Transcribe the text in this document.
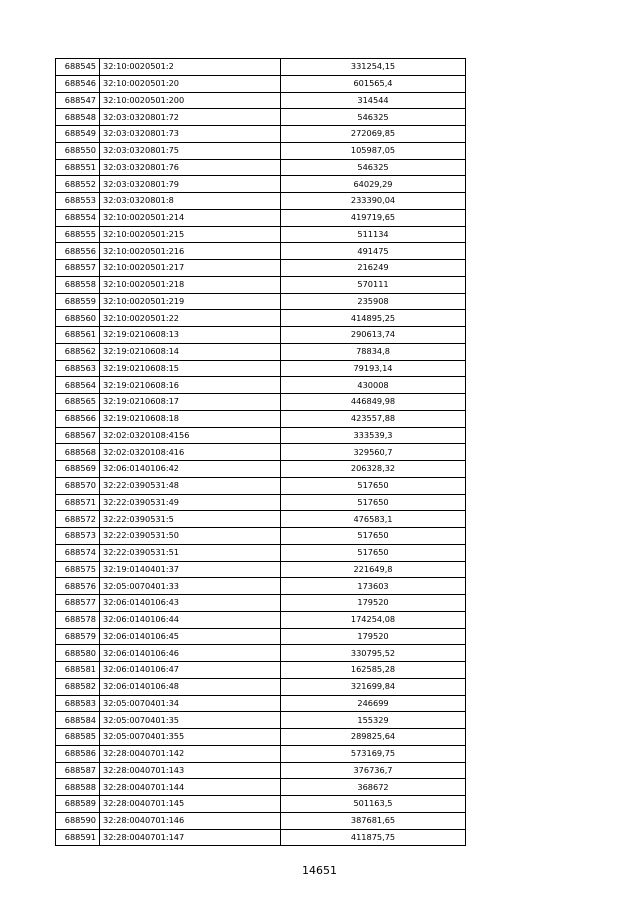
688545	32:10:0020501:2	331254,15
688546	32:10:0020501:20	601565,4
688547	32:10:0020501:200	314544
688548	32:03:0320801:72	546325
688549	32:03:0320801:73	272069,85
688550	32:03:0320801:75	105987,05
688551	32:03:0320801:76	546325
688552	32:03:0320801:79	64029,29
688553	32:03:0320801:8	233390,04
688554	32:10:0020501:214	419719,65
688555	32:10:0020501:215	511134
688556	32:10:0020501:216	491475
688557	32:10:0020501:217	216249
688558	32:10:0020501:218	570111
688559	32:10:0020501:219	235908
688560	32:10:0020501:22	414895,25
688561	32:19:0210608:13	290613,74
688562	32:19:0210608:14	78834,8
688563	32:19:0210608:15	79193,14
688564	32:19:0210608:16	430008
688565	32:19:0210608:17	446849,98
688566	32:19:0210608:18	423557,88
688567	32:02:0320108:4156	333539,3
688568	32:02:0320108:416	329560,7
688569	32:06:0140106:42	206328,32
688570	32:22:0390531:48	517650
688571	32:22:0390531:49	517650
688572	32:22:0390531:5	476583,1
688573	32:22:0390531:50	517650
688574	32:22:0390531:51	517650
688575	32:19:0140401:37	221649,8
688576	32:05:0070401:33	173603
688577	32:06:0140106:43	179520
688578	32:06:0140106:44	174254,08
688579	32:06:0140106:45	179520
688580	32:06:0140106:46	330795,52
688581	32:06:0140106:47	162585,28
688582	32:06:0140106:48	321699,84
688583	32:05:0070401:34	246699
688584	32:05:0070401:35	155329
688585	32:05:0070401:355	289825,64
688586	32:28:0040701:142	573169,75
688587	32:28:0040701:143	376736,7
688588	32:28:0040701:144	368672
688589	32:28:0040701:145	501163,5
688590	32:28:0040701:146	387681,65
688591	32:28:0040701:147	411875,75
14651
